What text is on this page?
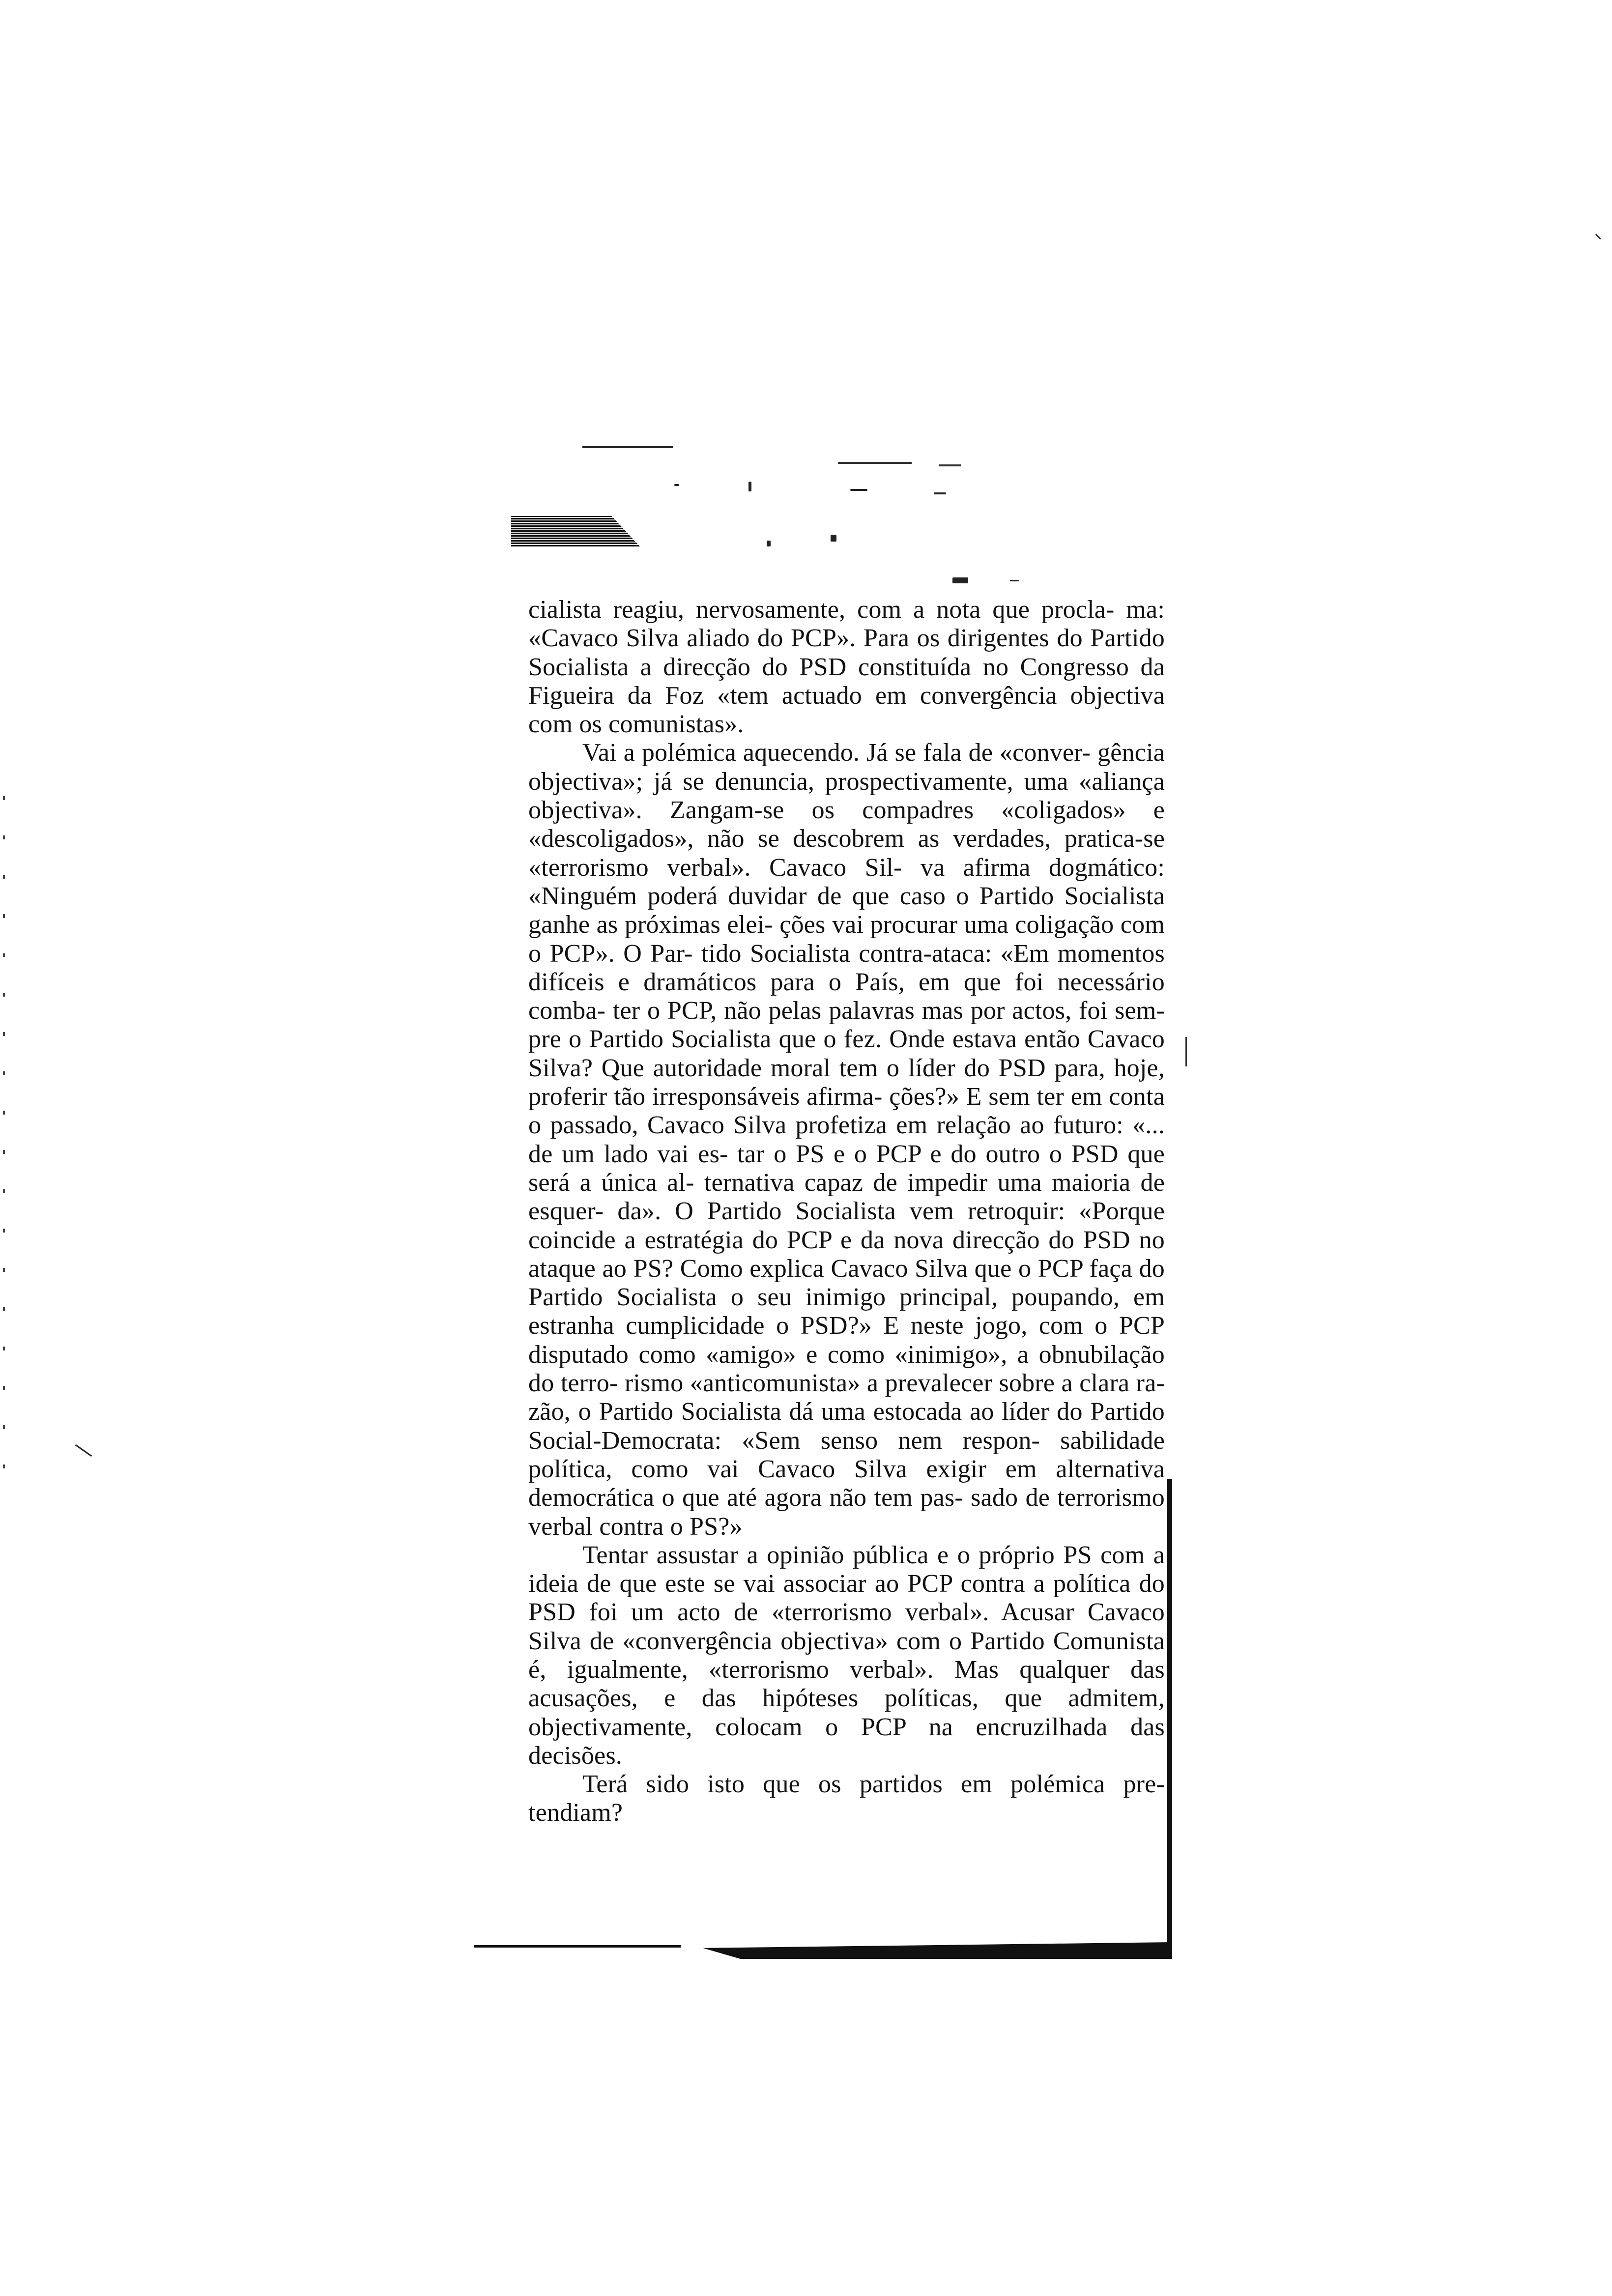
cialista reagiu, nervosamente, com a nota que procla- ma: «Cavaco Silva aliado do PCP». Para os dirigentes do Partido Socialista a direcção do PSD constituída no Congresso da Figueira da Foz «tem actuado em convergência objectiva com os comunistas».

Vai a polémica aquecendo. Já se fala de «conver- gência objectiva»; já se denuncia, prospectivamente, uma «aliança objectiva». Zangam-se os compadres «coligados» e «descoligados», não se descobrem as verdades, pratica-se «terrorismo verbal». Cavaco Sil- va afirma dogmático: «Ninguém poderá duvidar de que caso o Partido Socialista ganhe as próximas elei- ções vai procurar uma coligação com o PCP». O Par- tido Socialista contra-ataca: «Em momentos difíceis e dramáticos para o País, em que foi necessário comba- ter o PCP, não pelas palavras mas por actos, foi sem- pre o Partido Socialista que o fez. Onde estava então Cavaco Silva? Que autoridade moral tem o líder do PSD para, hoje, proferir tão irresponsáveis afirma- ções?» E sem ter em conta o passado, Cavaco Silva profetiza em relação ao futuro: «... de um lado vai es- tar o PS e o PCP e do outro o PSD que será a única al- ternativa capaz de impedir uma maioria de esquer- da». O Partido Socialista vem retroquir: «Porque coincide a estratégia do PCP e da nova direcção do PSD no ataque ao PS? Como explica Cavaco Silva que o PCP faça do Partido Socialista o seu inimigo principal, poupando, em estranha cumplicidade o PSD?» E neste jogo, com o PCP disputado como «amigo» e como «inimigo», a obnubilação do terro- rismo «anticomunista» a prevalecer sobre a clara ra- zão, o Partido Socialista dá uma estocada ao líder do Partido Social-Democrata: «Sem senso nem respon- sabilidade política, como vai Cavaco Silva exigir em alternativa democrática o que até agora não tem pas- sado de terrorismo verbal contra o PS?»

Tentar assustar a opinião pública e o próprio PS com a ideia de que este se vai associar ao PCP contra a política do PSD foi um acto de «terrorismo verbal». Acusar Cavaco Silva de «convergência objectiva» com o Partido Comunista é, igualmente, «terrorismo verbal». Mas qualquer das acusações, e das hipóteses políticas, que admitem, objectivamente, colocam o PCP na encruzilhada das decisões.

Terá sido isto que os partidos em polémica pre- tendiam?
